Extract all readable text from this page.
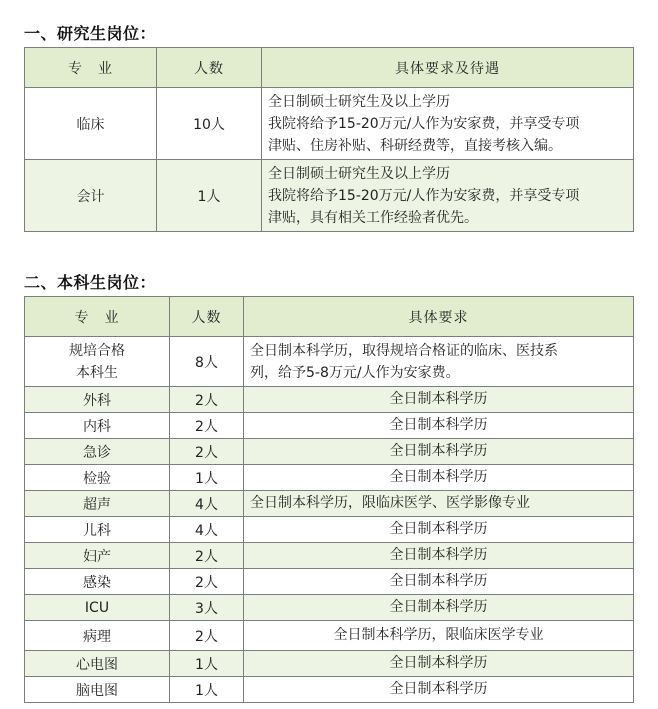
一、研究生岗位：
专　业	人数	具体要求及待遇
临床	10人	全日制硕士研究生及以上学历
我院将给予15-20万元/人作为安家费，并享受专项
津贴、住房补贴、科研经费等，直接考核入编。

会计	1人	全日制硕士研究生及以上学历
我院将给予15-20万元/人作为安家费，并享受专项
津贴，具有相关工作经验者优先。
二、本科生岗位：
专　业	人数	具体要求

规培合格
本科生	8人	全日制本科学历，取得规培合格证的临床、医技系
列，给予5-8万元/人作为安家费。

外科	2人	全日制本科学历
内科	2人	全日制本科学历
急诊	2人	全日制本科学历
检验	1人	全日制本科学历
超声	4人	全日制本科学历，限临床医学、医学影像专业
儿科	4人	全日制本科学历
妇产	2人	全日制本科学历
感染	2人	全日制本科学历
ICU	3人	全日制本科学历
病理	2人	全日制本科学历，限临床医学专业
心电图	1人	全日制本科学历
脑电图	1人	全日制本科学历
